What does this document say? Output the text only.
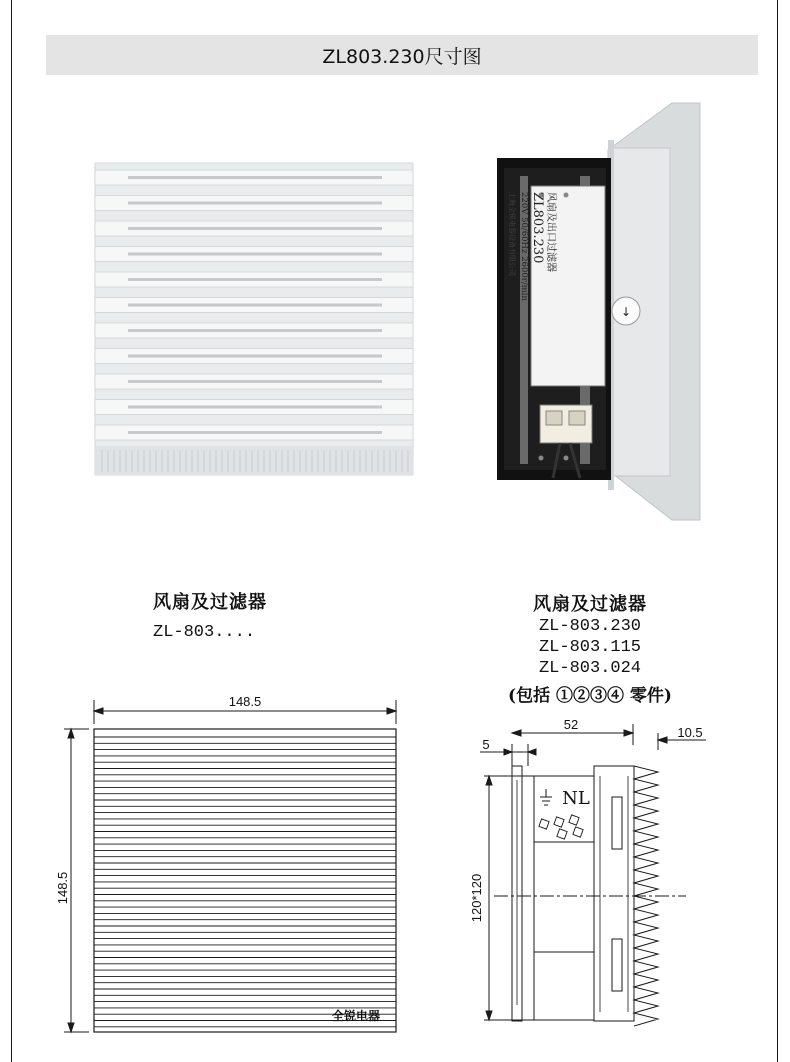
ZL803.230尺寸图
↓
风扇及出口过滤器
ZL803.230
220V 50/60Hz 2600r/min
上海全锐电器设备有限公司
148.5
148.5
全锐电器
52
5
10.5
120*120
NL
风扇及过滤器
ZL-803....
风扇及过滤器
ZL-803.230
ZL-803.115
ZL-803.024
(包括 ①②③④ 零件)
